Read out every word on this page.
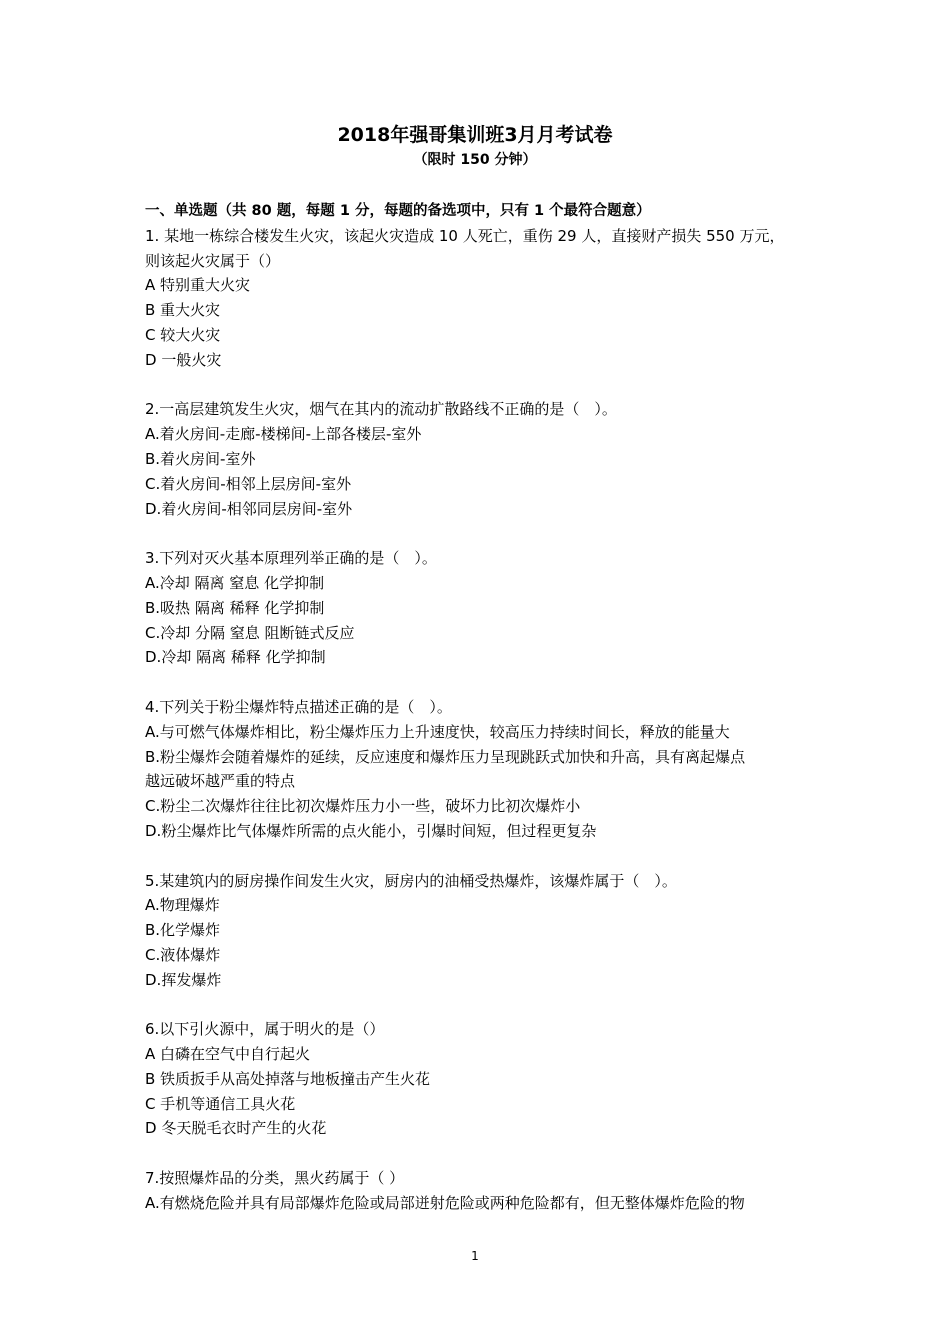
2018年强哥集训班3月月考试卷
（限时 150 分钟）
一、单选题（共 80 题，每题 1 分，每题的备选项中，只有 1 个最符合题意）
1. 某地一栋综合楼发生火灾，该起火灾造成 10 人死亡，重伤 29 人，直接财产损失 550 万元，
则该起火灾属于（）
A 特别重大火灾
B 重大火灾
C 较大火灾
D 一般火灾
2.一高层建筑发生火灾，烟气在其内的流动扩散路线不正确的是（　）。
A.着火房间-走廊-楼梯间-上部各楼层-室外
B.着火房间-室外
C.着火房间-相邻上层房间-室外
D.着火房间-相邻同层房间-室外
3.下列对灭火基本原理列举正确的是（　）。
A.冷却 隔离 窒息 化学抑制
B.吸热 隔离 稀释 化学抑制
C.冷却 分隔 窒息 阻断链式反应
D.冷却 隔离 稀释 化学抑制
4.下列关于粉尘爆炸特点描述正确的是（　）。
A.与可燃气体爆炸相比，粉尘爆炸压力上升速度快，较高压力持续时间长，释放的能量大
B.粉尘爆炸会随着爆炸的延续，反应速度和爆炸压力呈现跳跃式加快和升高，具有离起爆点
越远破坏越严重的特点
C.粉尘二次爆炸往往比初次爆炸压力小一些，破坏力比初次爆炸小
D.粉尘爆炸比气体爆炸所需的点火能小，引爆时间短，但过程更复杂
5.某建筑内的厨房操作间发生火灾，厨房内的油桶受热爆炸，该爆炸属于（　）。
A.物理爆炸
B.化学爆炸
C.液体爆炸
D.挥发爆炸
6.以下引火源中，属于明火的是（）
A 白磷在空气中自行起火
B 铁质扳手从高处掉落与地板撞击产生火花
C 手机等通信工具火花
D 冬天脱毛衣时产生的火花
7.按照爆炸品的分类，黑火药属于（ ）
A.有燃烧危险并具有局部爆炸危险或局部迸射危险或两种危险都有，但无整体爆炸危险的物
1
